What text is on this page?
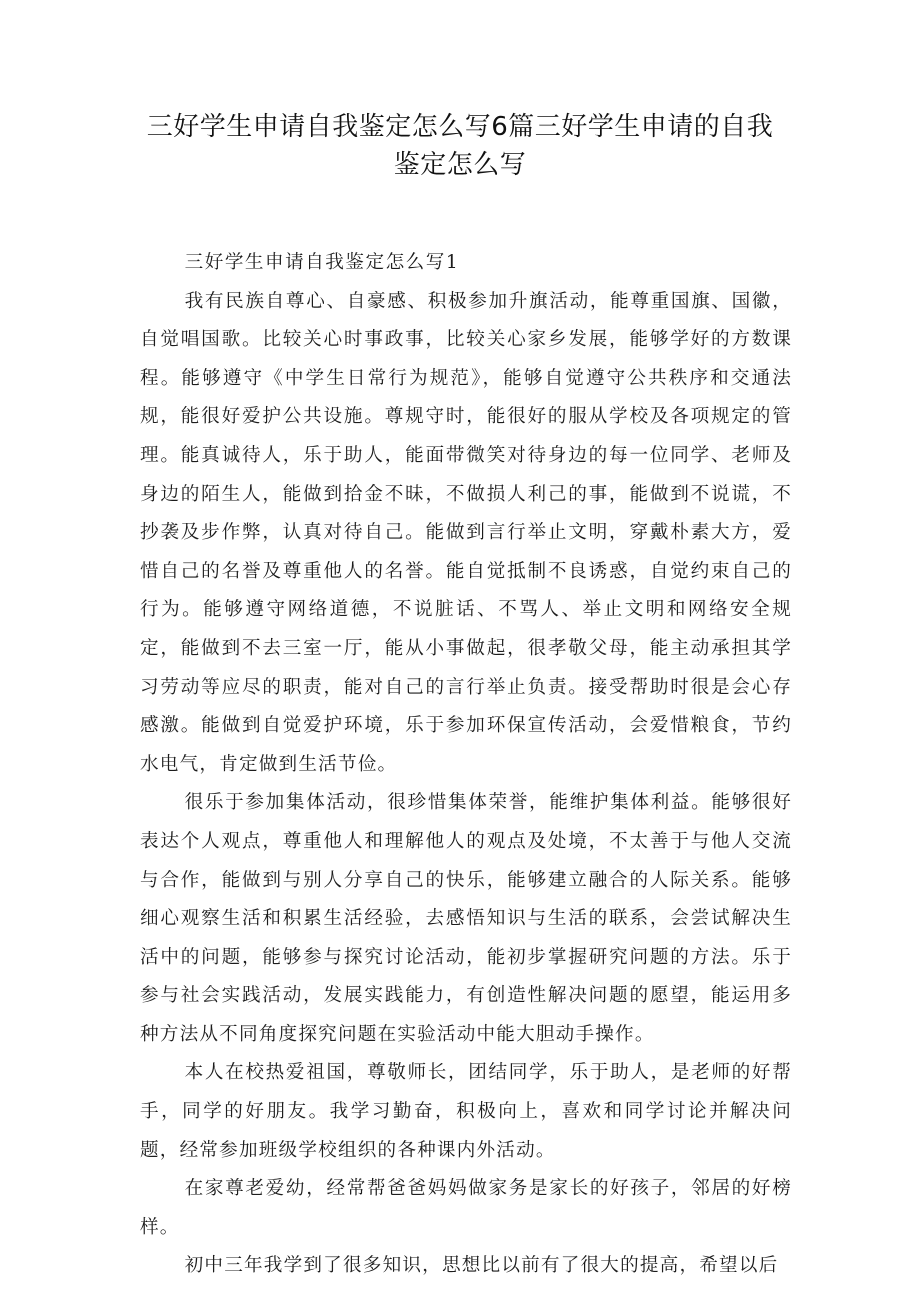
三好学生申请自我鉴定怎么写6篇三好学生申请的自我鉴定怎么写

三好学生申请自我鉴定怎么写1

我有民族自尊心、自豪感、积极参加升旗活动，能尊重国旗、国徽，自觉唱国歌。比较关心时事政事，比较关心家乡发展，能够学好的方数课程。能够遵守《中学生日常行为规范》，能够自觉遵守公共秩序和交通法规，能很好爱护公共设施。尊规守时，能很好的服从学校及各项规定的管理。能真诚待人，乐于助人，能面带微笑对待身边的每一位同学、老师及身边的陌生人，能做到拾金不昧，不做损人利己的事，能做到不说谎，不抄袭及步作弊，认真对待自己。能做到言行举止文明，穿戴朴素大方，爱惜自己的名誉及尊重他人的名誉。能自觉抵制不良诱惑，自觉约束自己的行为。能够遵守网络道德，不说脏话、不骂人、举止文明和网络安全规定，能做到不去三室一厅，能从小事做起，很孝敬父母，能主动承担其学习劳动等应尽的职责，能对自己的言行举止负责。接受帮助时很是会心存感激。能做到自觉爱护环境，乐于参加环保宣传活动，会爱惜粮食，节约水电气，肯定做到生活节俭。

很乐于参加集体活动，很珍惜集体荣誉，能维护集体利益。能够很好表达个人观点，尊重他人和理解他人的观点及处境，不太善于与他人交流与合作，能做到与别人分享自己的快乐，能够建立融合的人际关系。能够细心观察生活和积累生活经验，去感悟知识与生活的联系，会尝试解决生活中的问题，能够参与探究讨论活动，能初步掌握研究问题的方法。乐于参与社会实践活动，发展实践能力，有创造性解决问题的愿望，能运用多种方法从不同角度探究问题在实验活动中能大胆动手操作。

本人在校热爱祖国，尊敬师长，团结同学，乐于助人，是老师的好帮手，同学的好朋友。我学习勤奋，积极向上，喜欢和同学讨论并解决问题，经常参加班级学校组织的各种课内外活动。

在家尊老爱幼，经常帮爸爸妈妈做家务是家长的好孩子，邻居的好榜样。

初中三年我学到了很多知识，思想比以前有了很大的提高，希望以后
